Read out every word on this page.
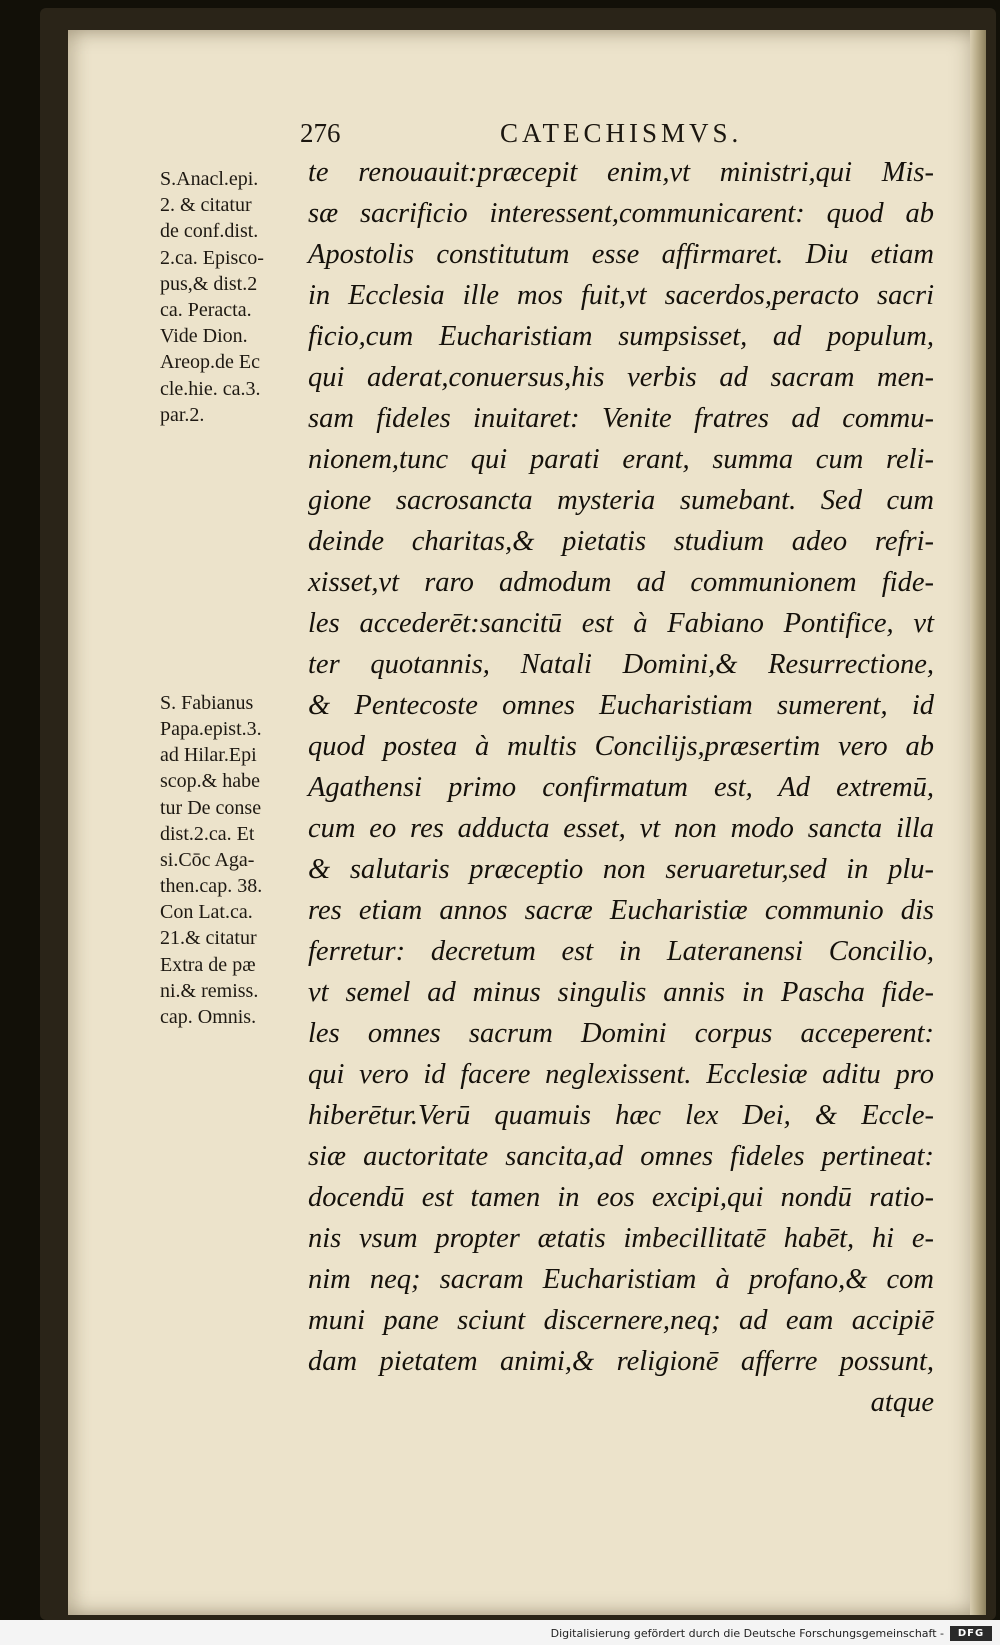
276	CATECHISMVS.
S.Anacl.epi.
2. & citatur
de conf.dist.
2.ca. Episco-
pus,& dist.2
ca. Peracta.
Vide Dion.
Areop.de Ec
cle.hie. ca.3.
par.2.
S. Fabianus
Papa.epist.3.
ad Hilar.Epi
scop.& habe
tur De conse
dist.2.ca. Et
si.Cōc Aga-
then.cap. 38.
Con Lat.ca.
21.& citatur
Extra de pæ
ni.& remiss.
cap. Omnis.
te renouauit:præcepit enim,vt ministri,qui Mis-
sæ sacrificio interessent,communicarent: quod ab
Apostolis constitutum esse affirmaret. Diu etiam
in Ecclesia ille mos fuit,vt sacerdos,peracto sacri
ficio,cum Eucharistiam sumpsisset, ad populum,
qui aderat,conuersus,his verbis ad sacram men-
sam fideles inuitaret: Venite fratres ad commu-
nionem,tunc qui parati erant, summa cum reli-
gione sacrosancta mysteria sumebant. Sed cum
deinde charitas,& pietatis studium adeo refri-
xisset,vt raro admodum ad communionem fide-
les accederēt:sancitū est à Fabiano Pontifice, vt
ter quotannis, Natali Domini,& Resurrectione,
& Pentecoste omnes Eucharistiam sumerent, id
quod postea à multis Concilijs,præsertim vero ab
Agathensi primo confirmatum est, Ad extremū,
cum eo res adducta esset, vt non modo sancta illa
& salutaris præceptio non seruaretur,sed in plu-
res etiam annos sacræ Eucharistiæ communio dis
ferretur: decretum est in Lateranensi Concilio,
vt semel ad minus singulis annis in Pascha fide-
les omnes sacrum Domini corpus acceperent:
qui vero id facere neglexissent. Ecclesiæ aditu pro
hiberētur.Verū quamuis hæc lex Dei, & Eccle-
siæ auctoritate sancita,ad omnes fideles pertineat:
docendū est tamen in eos excipi,qui nondū ratio-
nis vsum propter ætatis imbecillitatē habēt, hi e-
nim neq; sacram Eucharistiam à profano,& com
muni pane sciunt discernere,neq; ad eam accipiē
dam pietatem animi,& religionē afferre possunt,
atque
Digitalisierung gefördert durch die Deutsche Forschungsgemeinschaft -	DFG
